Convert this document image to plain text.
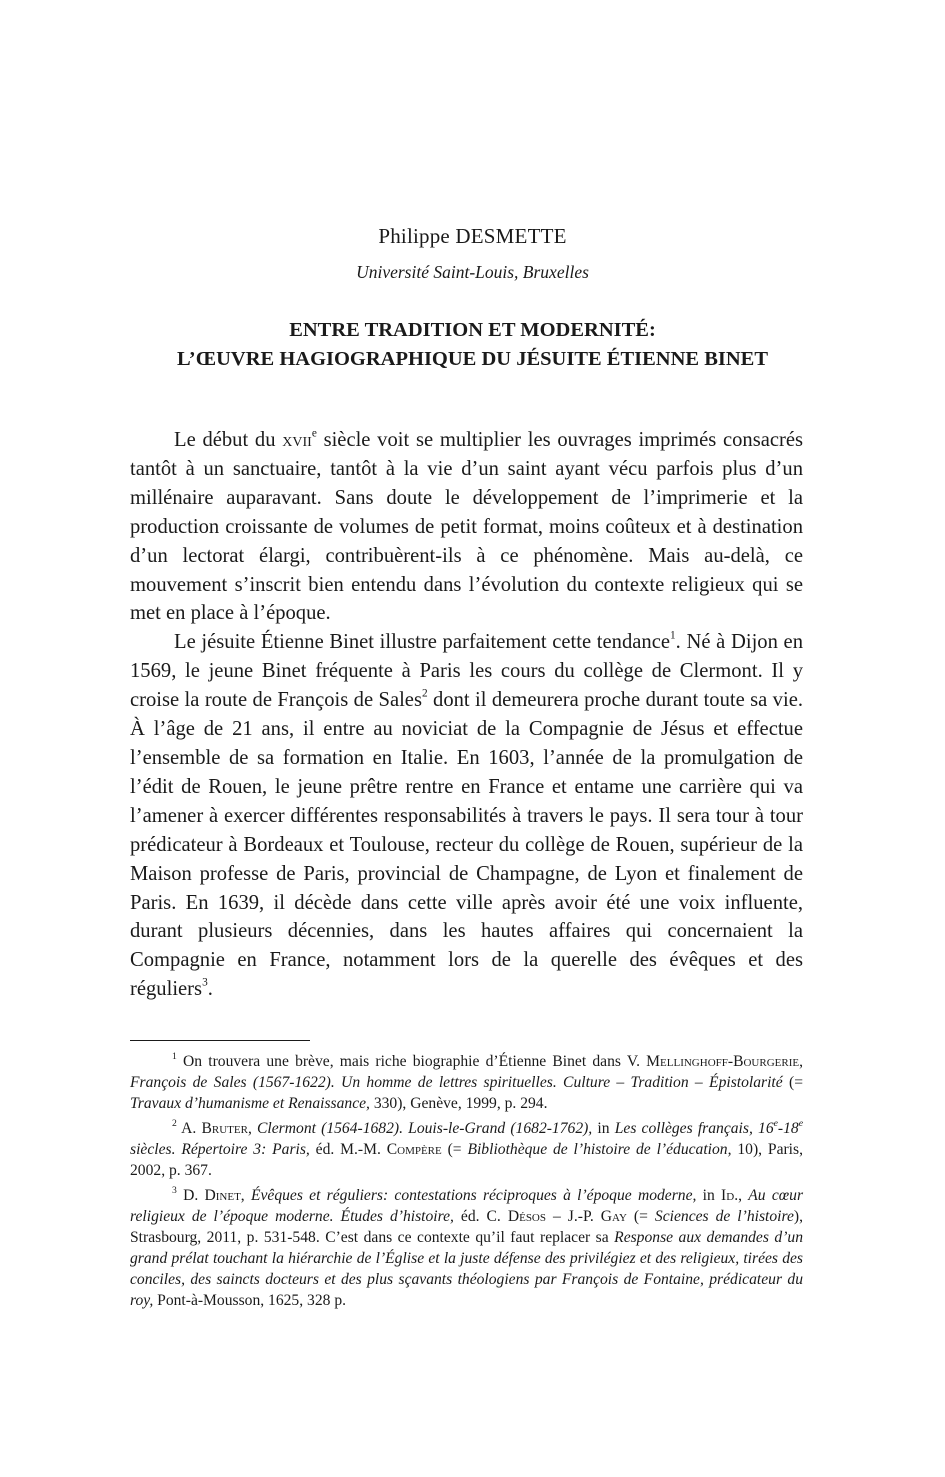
Philippe DESMETTE
Université Saint-Louis, Bruxelles
ENTRE TRADITION ET MODERNITÉ:
L’ŒUVRE HAGIOGRAPHIQUE DU JÉSUITE ÉTIENNE BINET

Le début du xvii$^e$ siècle voit se multiplier les ouvrages imprimés consacrés tantôt à un sanctuaire, tantôt à la vie d’un saint ayant vécu parfois plus d’un millénaire auparavant. Sans doute le développement de l’imprimerie et la production croissante de volumes de petit format, moins coûteux et à destination d’un lectorat élargi, contribuèrent-ils à ce phénomène. Mais au-delà, ce mouvement s’inscrit bien entendu dans l’évolution du contexte religieux qui se met en place à l’époque.

Le jésuite Étienne Binet illustre parfaitement cette tendance$^1$. Né à Dijon en 1569, le jeune Binet fréquente à Paris les cours du collège de Clermont. Il y croise la route de François de Sales$^2$ dont il demeurera proche durant toute sa vie. À l’âge de 21 ans, il entre au noviciat de la Compagnie de Jésus et effectue l’ensemble de sa formation en Italie. En 1603, l’année de la promulgation de l’édit de Rouen, le jeune prêtre rentre en France et entame une carrière qui va l’amener à exercer différentes responsabilités à travers le pays. Il sera tour à tour prédicateur à Bordeaux et Toulouse, recteur du collège de Rouen, supérieur de la Maison professe de Paris, provincial de Champagne, de Lyon et finalement de Paris. En 1639, il décède dans cette ville après avoir été une voix influente, durant plusieurs décennies, dans les hautes affaires qui concernaient la Compagnie en France, notamment lors de la querelle des évêques et des réguliers$^3$.

$^1$ On trouvera une brève, mais riche biographie d’Étienne Binet dans V. Mellinghoff-Bourgerie, François de Sales (1567-1622). Un homme de lettres spirituelles. Culture – Tradition – Épistolarité (= Travaux d’humanisme et Renaissance, 330), Genève, 1999, p. 294.

$^2$ A. Bruter, Clermont (1564-1682). Louis-le-Grand (1682-1762), in Les collèges français, 16e-18e siècles. Répertoire 3: Paris, éd. M.-M. Compère (= Bibliothèque de l’histoire de l’éducation, 10), Paris, 2002, p. 367.

$^3$ D. Dinet, Évêques et réguliers: contestations réciproques à l’époque moderne, in Id., Au cœur religieux de l’époque moderne. Études d’histoire, éd. C. Désos – J.-P. Gay (= Sciences de l’histoire), Strasbourg, 2011, p. 531-548. C’est dans ce contexte qu’il faut replacer sa Response aux demandes d’un grand prélat touchant la hiérarchie de l’Église et la juste défense des privilégiez et des religieux, tirées des conciles, des saincts docteurs et des plus sçavants théologiens par François de Fontaine, prédicateur du roy, Pont-à-Mousson, 1625, 328 p.
